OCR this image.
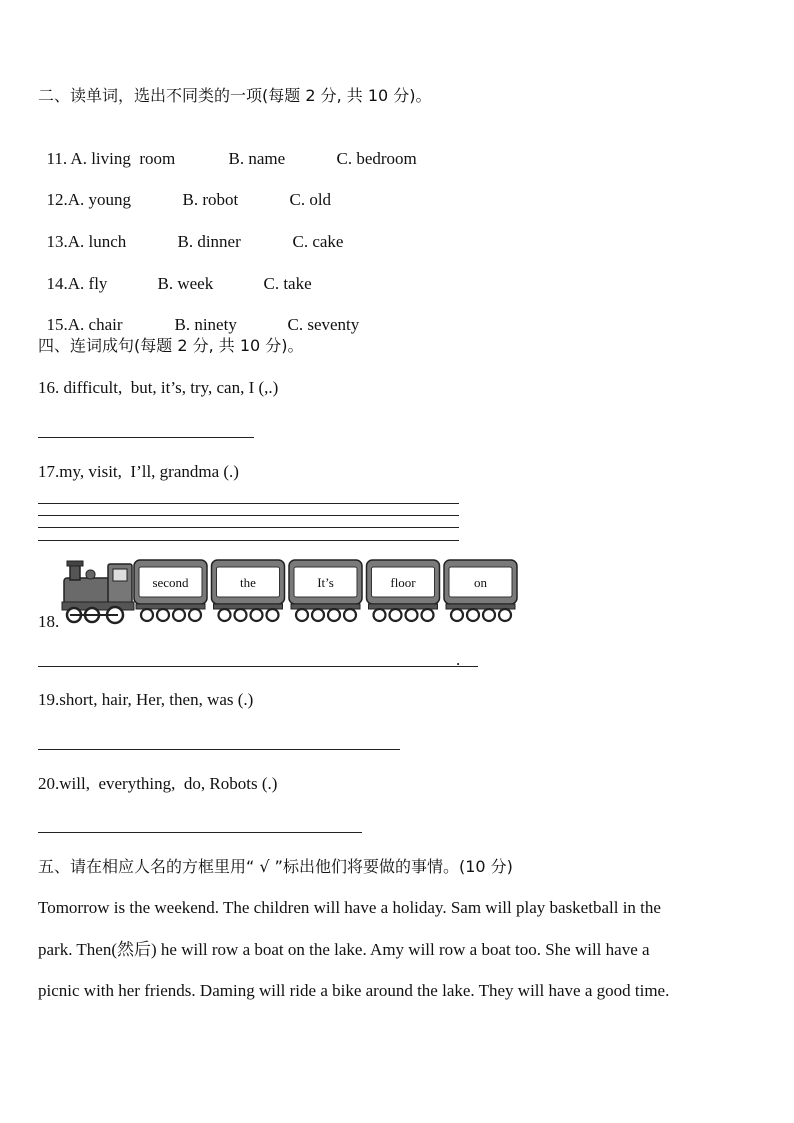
二、读单词，选出不同类的一项(每题 2 分, 共 10 分)。

11. A. living  room	B. name	C. bedroom

12.A. young	B. robot	C. old

13.A. lunch	B. dinner	C. cake

14.A. fly	B. week	C. take

15.A. chair	B. ninety	C. seventy

四、连词成句(每题 2 分, 共 10 分)。
16. difficult,  but, it’s, try, can, I (,.)
17.my, visit,  I’ll, grandma (.)
18.
second	the	It’s	floor	on
.
19.short, hair, Her, then, was (.)
20.will,  everything,  do, Robots (.)
五、请在相应人名的方框里用“ √ ”标出他们将要做的事情。(10 分)
Tomorrow is the weekend. The children will have a holiday. Sam will play basketball in the
park. Then(然后) he will row a boat on the lake. Amy will row a boat too. She will have a
picnic with her friends. Daming will ride a bike around the lake. They will have a good time.
